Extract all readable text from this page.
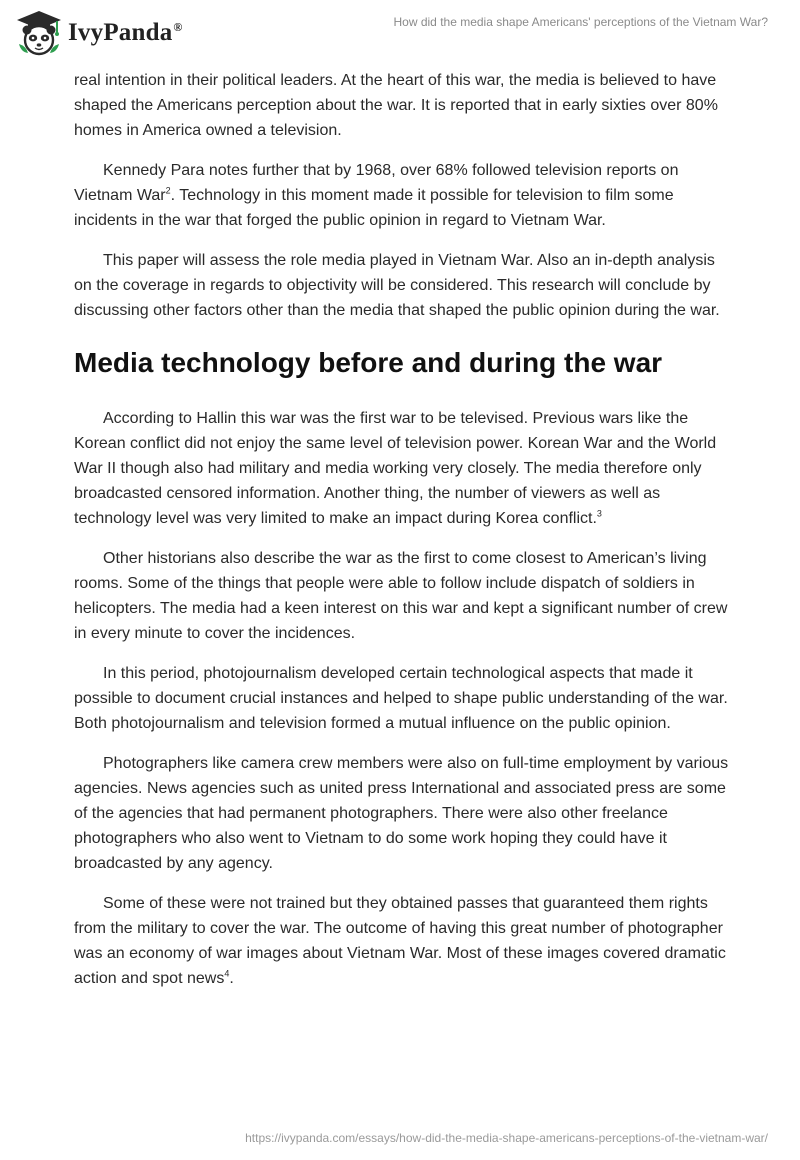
IvyPanda®	How did the media shape Americans' perceptions of the Vietnam War?

real intention in their political leaders. At the heart of this war, the media is believed to have shaped the Americans perception about the war. It is reported that in early sixties over 80% homes in America owned a television.

Kennedy Para notes further that by 1968, over 68% followed television reports on Vietnam War$^2$. Technology in this moment made it possible for television to film some incidents in the war that forged the public opinion in regard to Vietnam War.

This paper will assess the role media played in Vietnam War. Also an in-depth analysis on the coverage in regards to objectivity will be considered. This research will conclude by discussing other factors other than the media that shaped the public opinion during the war.

Media technology before and during the war

According to Hallin this war was the first war to be televised. Previous wars like the Korean conflict did not enjoy the same level of television power. Korean War and the World War II though also had military and media working very closely. The media therefore only broadcasted censored information. Another thing, the number of viewers as well as technology level was very limited to make an impact during Korea conflict.$^3$

Other historians also describe the war as the first to come closest to American’s living rooms. Some of the things that people were able to follow include dispatch of soldiers in helicopters. The media had a keen interest on this war and kept a significant number of crew in every minute to cover the incidences.

In this period, photojournalism developed certain technological aspects that made it possible to document crucial instances and helped to shape public understanding of the war. Both photojournalism and television formed a mutual influence on the public opinion.

Photographers like camera crew members were also on full-time employment by various agencies. News agencies such as united press International and associated press are some of the agencies that had permanent photographers. There were also other freelance photographers who also went to Vietnam to do some work hoping they could have it broadcasted by any agency.

Some of these were not trained but they obtained passes that guaranteed them rights from the military to cover the war. The outcome of having this great number of photographer was an economy of war images about Vietnam War. Most of these images covered dramatic action and spot news$^4$.

https://ivypanda.com/essays/how-did-the-media-shape-americans-perceptions-of-the-vietnam-war/
